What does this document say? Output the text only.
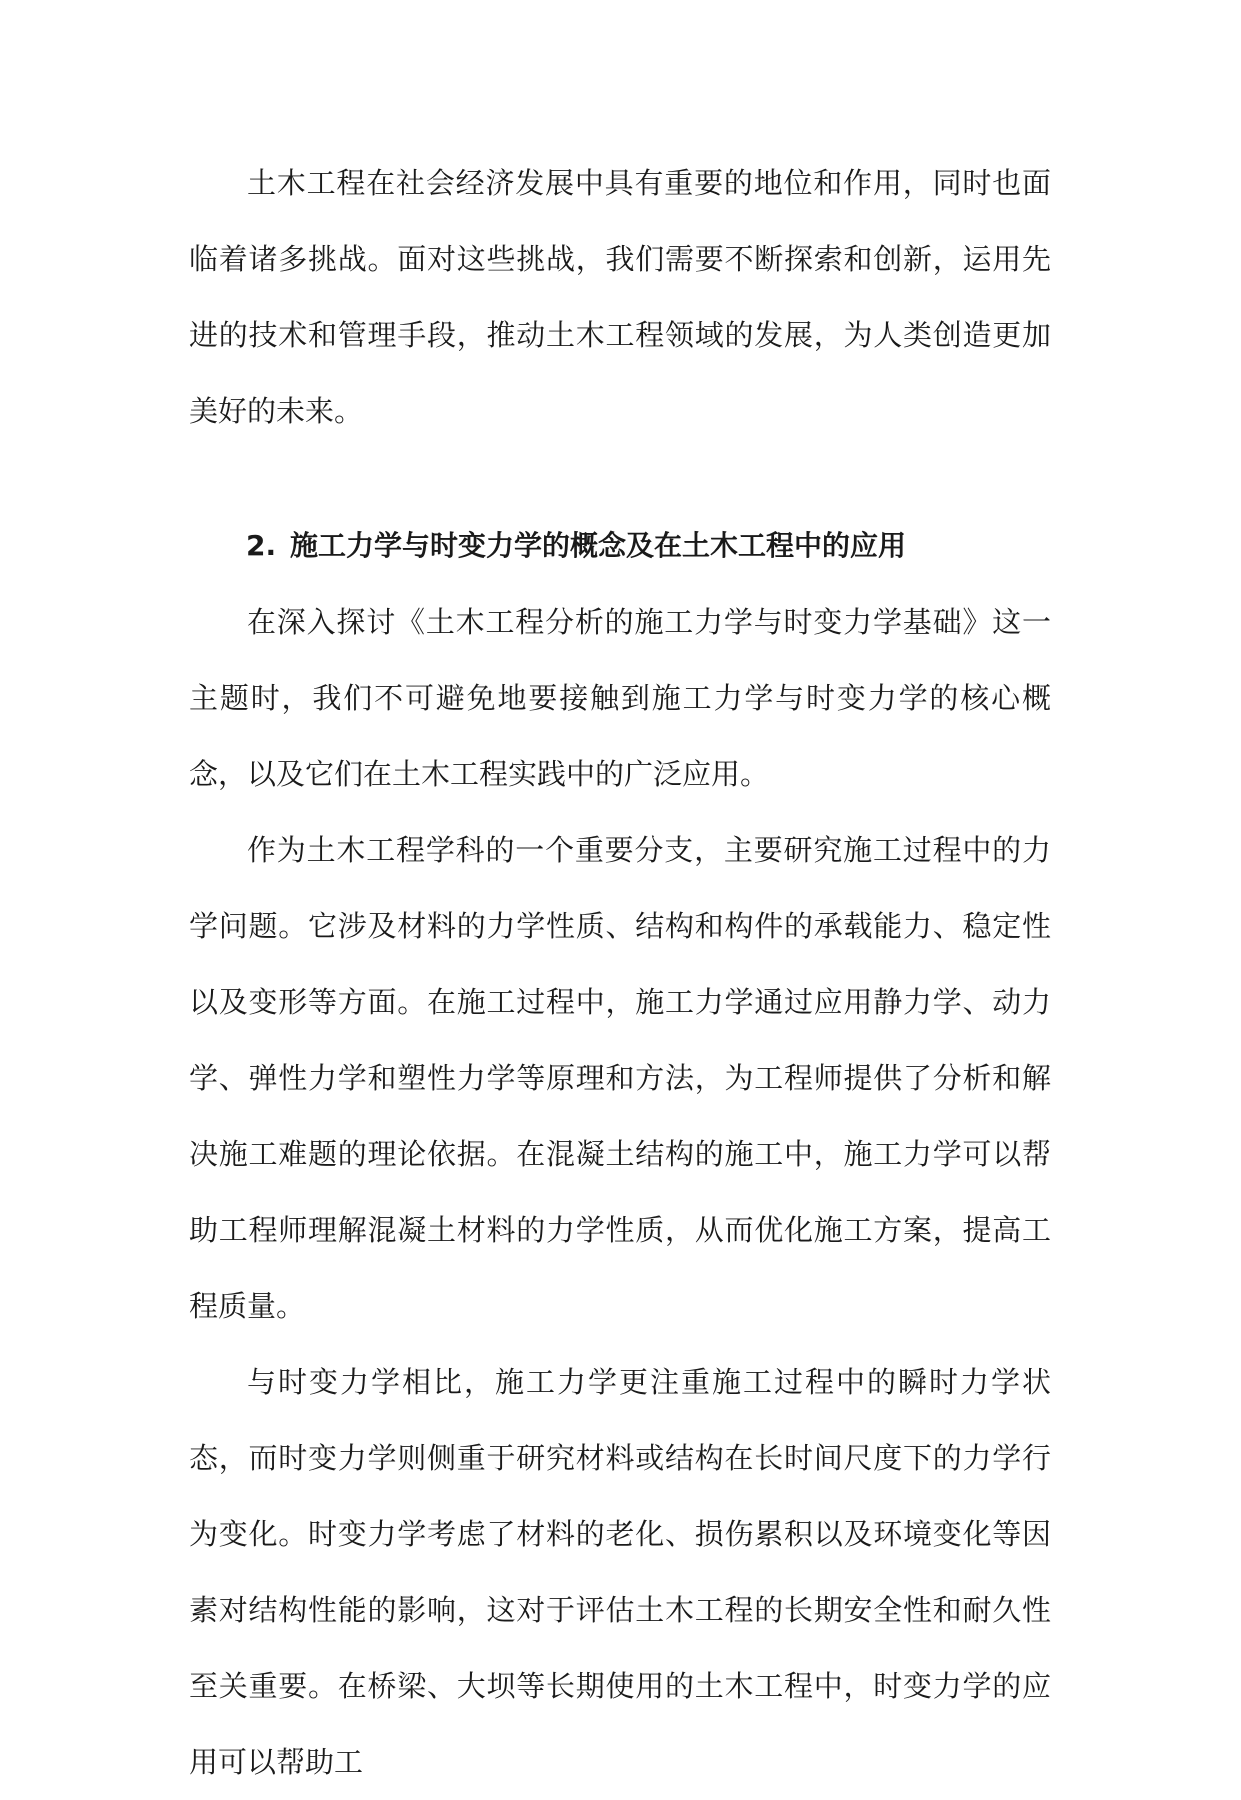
土木工程在社会经济发展中具有重要的地位和作用，同时也面临着诸多挑战。面对这些挑战，我们需要不断探索和创新，运用先进的技术和管理手段，推动土木工程领域的发展，为人类创造更加美好的未来。

2. 施工力学与时变力学的概念及在土木工程中的应用

在深入探讨《土木工程分析的施工力学与时变力学基础》这一主题时，我们不可避免地要接触到施工力学与时变力学的核心概念，以及它们在土木工程实践中的广泛应用。

作为土木工程学科的一个重要分支，主要研究施工过程中的力学问题。它涉及材料的力学性质、结构和构件的承载能力、稳定性以及变形等方面。在施工过程中，施工力学通过应用静力学、动力学、弹性力学和塑性力学等原理和方法，为工程师提供了分析和解决施工难题的理论依据。在混凝土结构的施工中，施工力学可以帮助工程师理解混凝土材料的力学性质，从而优化施工方案，提高工程质量。

与时变力学相比，施工力学更注重施工过程中的瞬时力学状态，而时变力学则侧重于研究材料或结构在长时间尺度下的力学行为变化。时变力学考虑了材料的老化、损伤累积以及环境变化等因素对结构性能的影响，这对于评估土木工程的长期安全性和耐久性至关重要。在桥梁、大坝等长期使用的土木工程中，时变力学的应用可以帮助工
